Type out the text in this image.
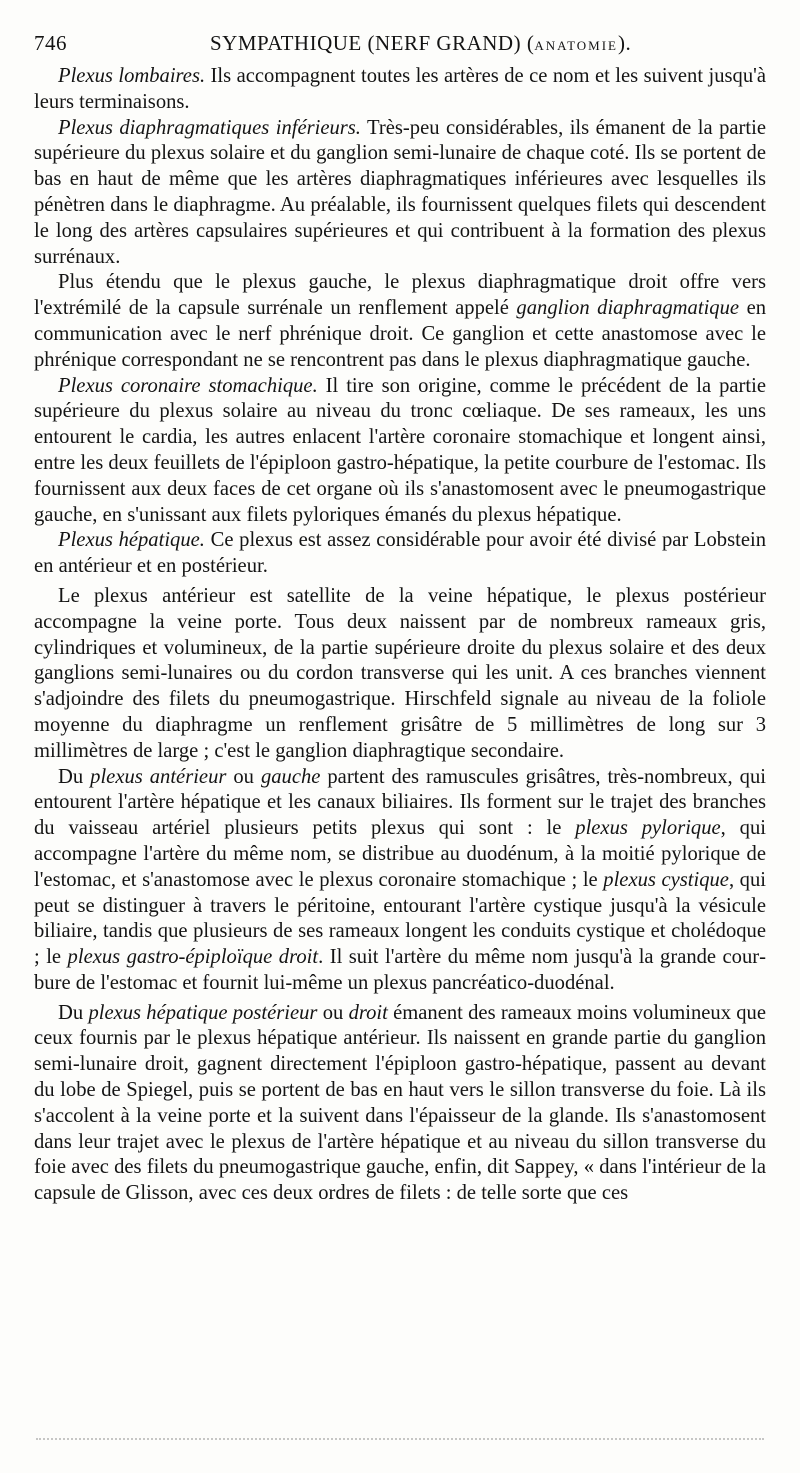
746	SYMPATHIQUE (NERF GRAND) (ANATOMIE).

Plexus lombaires. Ils accompagnent toutes les artères de ce nom et les suivent jusqu'à leurs terminaisons.

Plexus diaphragmatiques inférieurs. Très-peu considérables, ils émanent de la partie supérieure du plexus solaire et du ganglion semi-lunaire de chaque coté. Ils se portent de bas en haut de même que les artères diaphragmatiques inférieures avec lesquelles ils pénètren dans le diaphragme. Au préalable, ils fournissent quelques filets qui descendent le long des artères capsulaires supérieures et qui contribuent à la formation des plexus surrénaux.

Plus étendu que le plexus gauche, le plexus diaphragmatique droit offre vers l'extrémilé de la capsule surrénale un renflement appelé ganglion diaphragmatique en communication avec le nerf phrénique droit. Ce ganglion et cette anastomose avec le phrénique correspondant ne se rencontrent pas dans le plexus diaphragmatique gauche.

Plexus coronaire stomachique. Il tire son origine, comme le précédent de la partie supérieure du plexus solaire au niveau du tronc cœliaque. De ses rameaux, les uns entourent le cardia, les autres enlacent l'artère coronaire stomachique et longent ainsi, entre les deux feuillets de l'épiploon gastro-hépatique, la petite courbure de l'estomac. Ils fournissent aux deux faces de cet organe où ils s'anastomosent avec le pneumogastrique gauche, en s'unissant aux filets pyloriques émanés du plexus hépatique.

Plexus hépatique. Ce plexus est assez considérable pour avoir été divisé par Lobstein en antérieur et en postérieur.

Le plexus antérieur est satellite de la veine hépatique, le plexus postérieur accompagne la veine porte. Tous deux naissent par de nombreux rameaux gris, cylindriques et volumineux, de la partie supérieure droite du plexus solaire et des deux ganglions semi-lunaires ou du cordon transverse qui les unit. A ces branches viennent s'adjoindre des filets du pneumogastrique. Hirschfeld signale au niveau de la foliole moyenne du diaphragme un renflement grisâtre de 5 millimètres de long sur 3 millimètres de large ; c'est le ganglion diaphragtique secondaire.

Du plexus antérieur ou gauche partent des ramuscules grisâtres, très-nombreux, qui entourent l'artère hépatique et les canaux biliaires. Ils forment sur le trajet des branches du vaisseau artériel plusieurs petits plexus qui sont : le plexus pylorique, qui accompagne l'artère du même nom, se distribue au duodénum, à la moitié pylorique de l'estomac, et s'anastomose avec le plexus coronaire stomachique ; le plexus cystique, qui peut se distinguer à travers le péritoine, entourant l'artère cystique jusqu'à la vésicule biliaire, tandis que plusieurs de ses rameaux longent les conduits cystique et cholédoque ; le plexus gastro-épiploïque droit. Il suit l'artère du même nom jusqu'à la grande courbure de l'estomac et fournit lui-même un plexus pancréatico-duodénal.

Du plexus hépatique postérieur ou droit émanent des rameaux moins volumineux que ceux fournis par le plexus hépatique antérieur. Ils naissent en grande partie du ganglion semi-lunaire droit, gagnent directement l'épiploon gastro-hépatique, passent au devant du lobe de Spiegel, puis se portent de bas en haut vers le sillon transverse du foie. Là ils s'accolent à la veine porte et la suivent dans l'épaisseur de la glande. Ils s'anastomosent dans leur trajet avec le plexus de l'artère hépatique et au niveau du sillon transverse du foie avec des filets du pneumogastrique gauche, enfin, dit Sappey, « dans l'intérieur de la capsule de Glisson, avec ces deux ordres de filets : de telle sorte que ces
